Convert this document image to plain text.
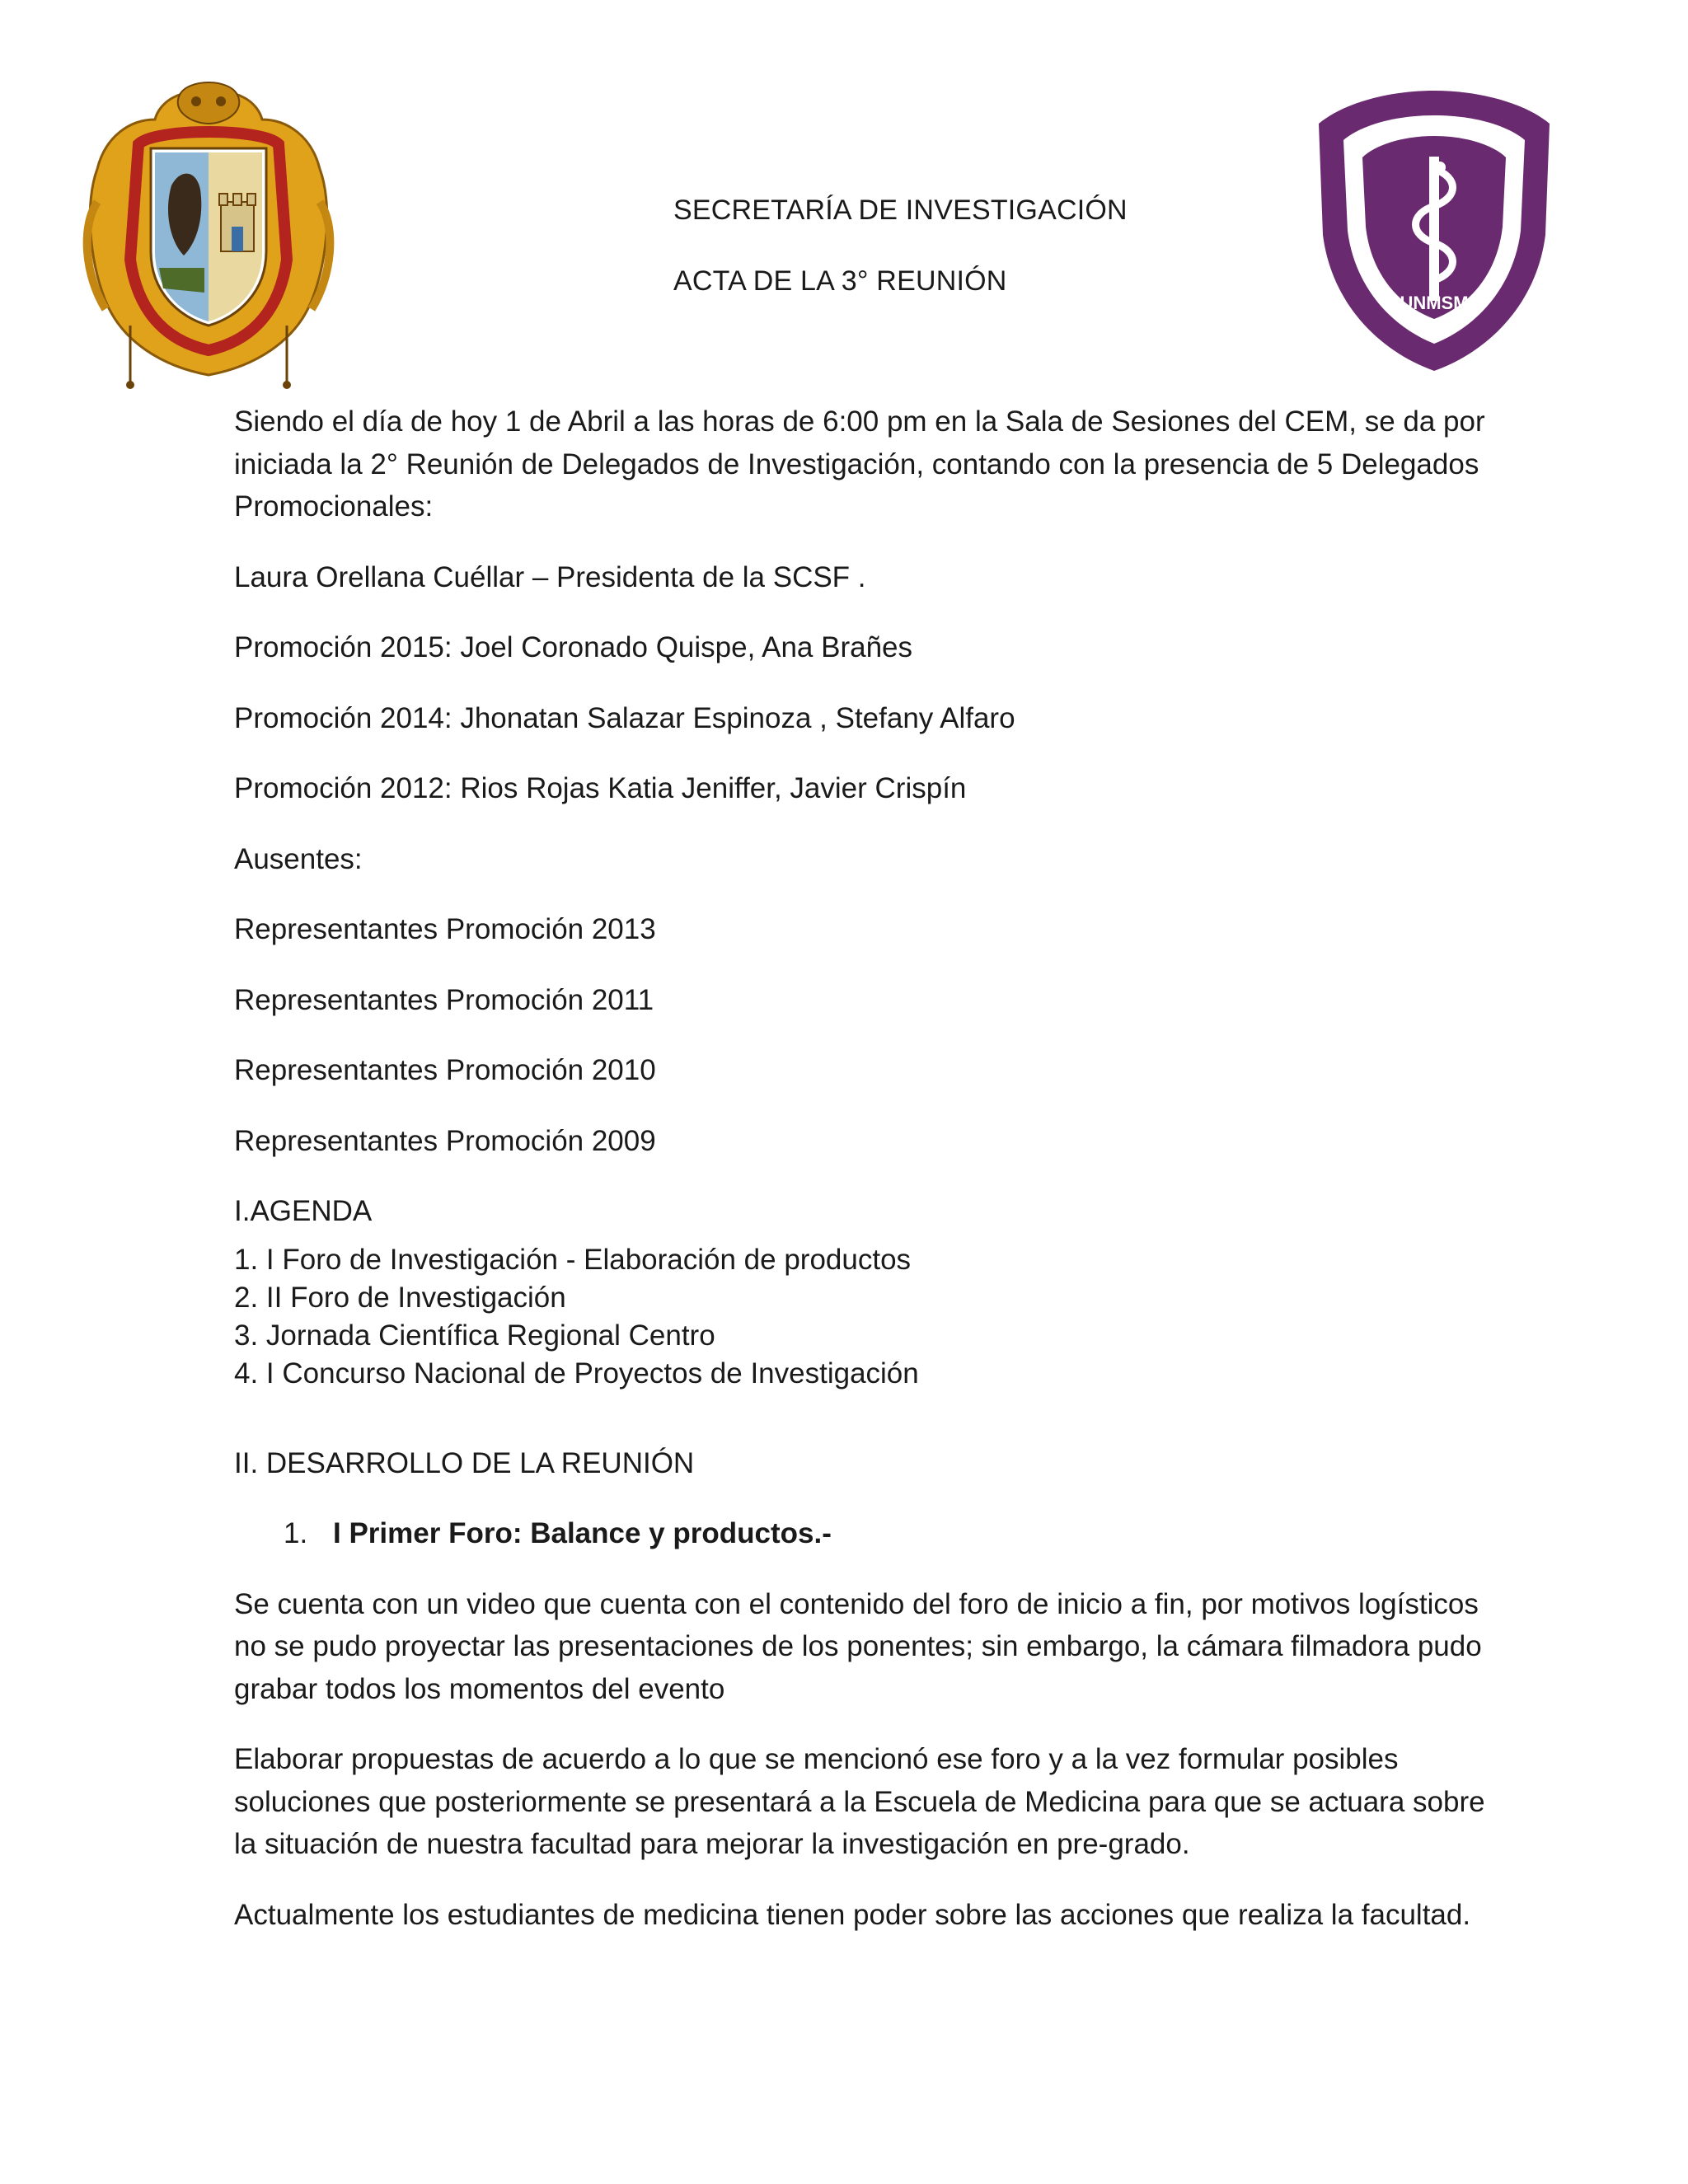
UNMSM
SECRETARÍA DE INVESTIGACIÓN
ACTA DE LA 3° REUNIÓN

Siendo el día de hoy 1 de Abril a las horas de 6:00 pm en la Sala de Sesiones del CEM, se da por
iniciada la 2° Reunión de Delegados de Investigación, contando con la presencia de 5 Delegados
Promocionales:

Laura Orellana Cuéllar – Presidenta de la SCSF .

Promoción 2015: Joel Coronado Quispe, Ana Brañes

Promoción 2014: Jhonatan Salazar Espinoza , Stefany Alfaro

Promoción 2012: Rios Rojas Katia Jeniffer, Javier Crispín

Ausentes:

Representantes Promoción 2013

Representantes Promoción 2011

Representantes Promoción 2010

Representantes Promoción 2009

I.AGENDA

1. I Foro de Investigación - Elaboración de productos
2. II Foro de Investigación
3. Jornada Científica Regional Centro
4. I Concurso Nacional de Proyectos de Investigación

II. DESARROLLO DE LA REUNIÓN

1. I Primer Foro: Balance y productos.-

Se cuenta con un video que cuenta con el contenido del foro de inicio a fin, por motivos logísticos
no se pudo proyectar las presentaciones de los ponentes; sin embargo, la cámara filmadora pudo
grabar todos los momentos del evento

Elaborar propuestas de acuerdo a lo que se mencionó ese foro y a la vez formular posibles
soluciones que posteriormente se presentará a la Escuela de Medicina para que se actuara sobre
la situación de nuestra facultad para mejorar la investigación en pre-grado.

Actualmente los estudiantes de medicina tienen poder sobre las acciones que realiza la facultad.
